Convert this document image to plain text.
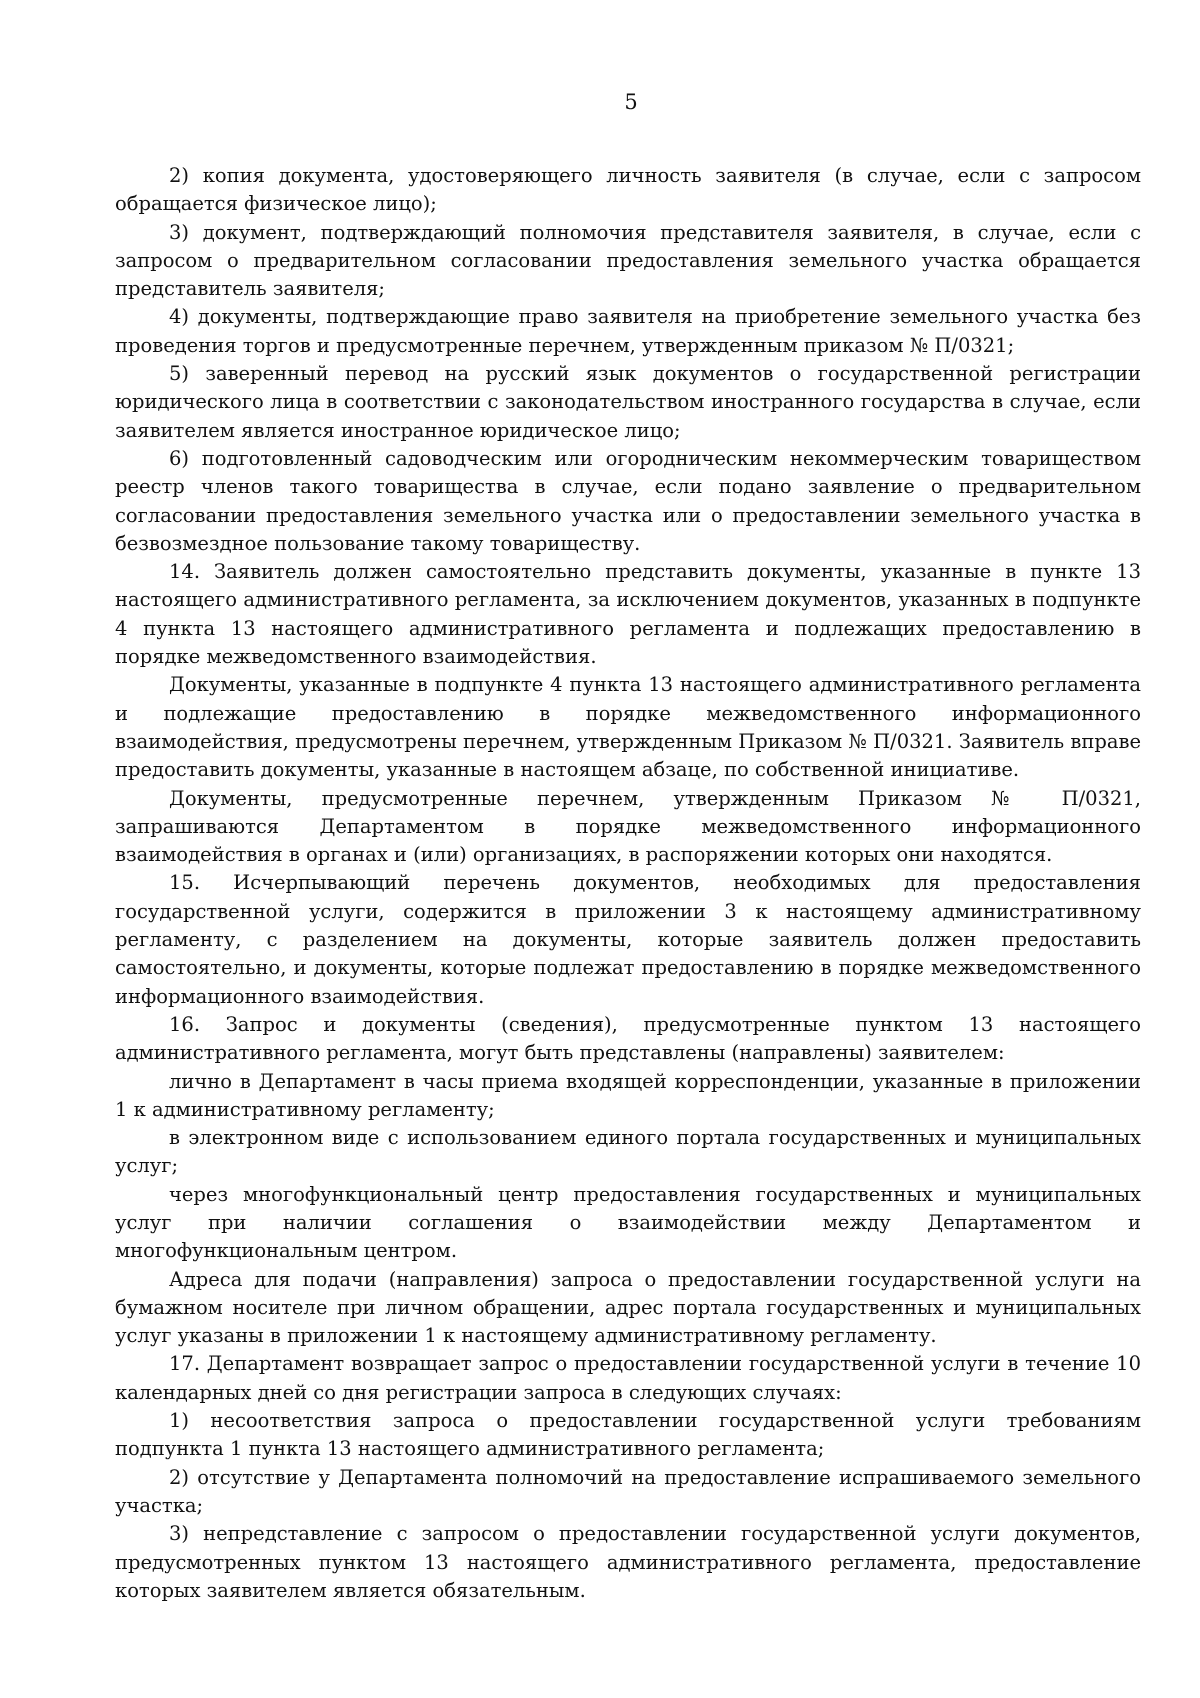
5

2) копия документа, удостоверяющего личность заявителя (в случае, если с запросом обращается физическое лицо);

3) документ, подтверждающий полномочия представителя заявителя, в случае, если с запросом о предварительном согласовании предоставления земельного участка обращается представитель заявителя;

4) документы, подтверждающие право заявителя на приобретение земельного участка без проведения торгов и предусмотренные перечнем, утвержденным приказом № П/0321;

5) заверенный перевод на русский язык документов о государственной регистрации юридического лица в соответствии с законодательством иностранного государства в случае, если заявителем является иностранное юридическое лицо;

6) подготовленный садоводческим или огородническим некоммерческим товариществом реестр членов такого товарищества в случае, если подано заявление о предварительном согласовании предоставления земельного участка или о предоставлении земельного участка в безвозмездное пользование такому товариществу.

14. Заявитель должен самостоятельно представить документы, указанные в пункте 13 настоящего административного регламента, за исключением документов, указанных в подпункте 4 пункта 13 настоящего административного регламента и подлежащих предоставлению в порядке межведомственного взаимодействия.

Документы, указанные в подпункте 4 пункта 13 настоящего административного регламента и подлежащие предоставлению в порядке межведомственного информационного взаимодействия, предусмотрены перечнем, утвержденным Приказом № П/0321. Заявитель вправе предоставить документы, указанные в настоящем абзаце, по собственной инициативе.

Документы, предусмотренные перечнем, утвержденным Приказом № П/0321, запрашиваются Департаментом в порядке межведомственного информационного взаимодействия в органах и (или) организациях, в распоряжении которых они находятся.

15. Исчерпывающий перечень документов, необходимых для предоставления государственной услуги, содержится в приложении 3 к настоящему административному регламенту, с разделением на документы, которые заявитель должен предоставить самостоятельно, и документы, которые подлежат предоставлению в порядке межведомственного информационного взаимодействия.

16. Запрос и документы (сведения), предусмотренные пунктом 13 настоящего административного регламента, могут быть представлены (направлены) заявителем:

лично в Департамент в часы приема входящей корреспонденции, указанные в приложении 1 к административному регламенту;

в электронном виде с использованием единого портала государственных и муниципальных услуг;

через многофункциональный центр предоставления государственных и муниципальных услуг при наличии соглашения о взаимодействии между Департаментом и многофункциональным центром.

Адреса для подачи (направления) запроса о предоставлении государственной услуги на бумажном носителе при личном обращении, адрес портала государственных и муниципальных услуг указаны в приложении 1 к настоящему административному регламенту.

17. Департамент возвращает запрос о предоставлении государственной услуги в течение 10 календарных дней со дня регистрации запроса в следующих случаях:

1) несоответствия запроса о предоставлении государственной услуги требованиям подпункта 1 пункта 13 настоящего административного регламента;

2) отсутствие у Департамента полномочий на предоставление испрашиваемого земельного участка;

3) непредставление с запросом о предоставлении государственной услуги документов, предусмотренных пунктом 13 настоящего административного регламента, предоставление которых заявителем является обязательным.
